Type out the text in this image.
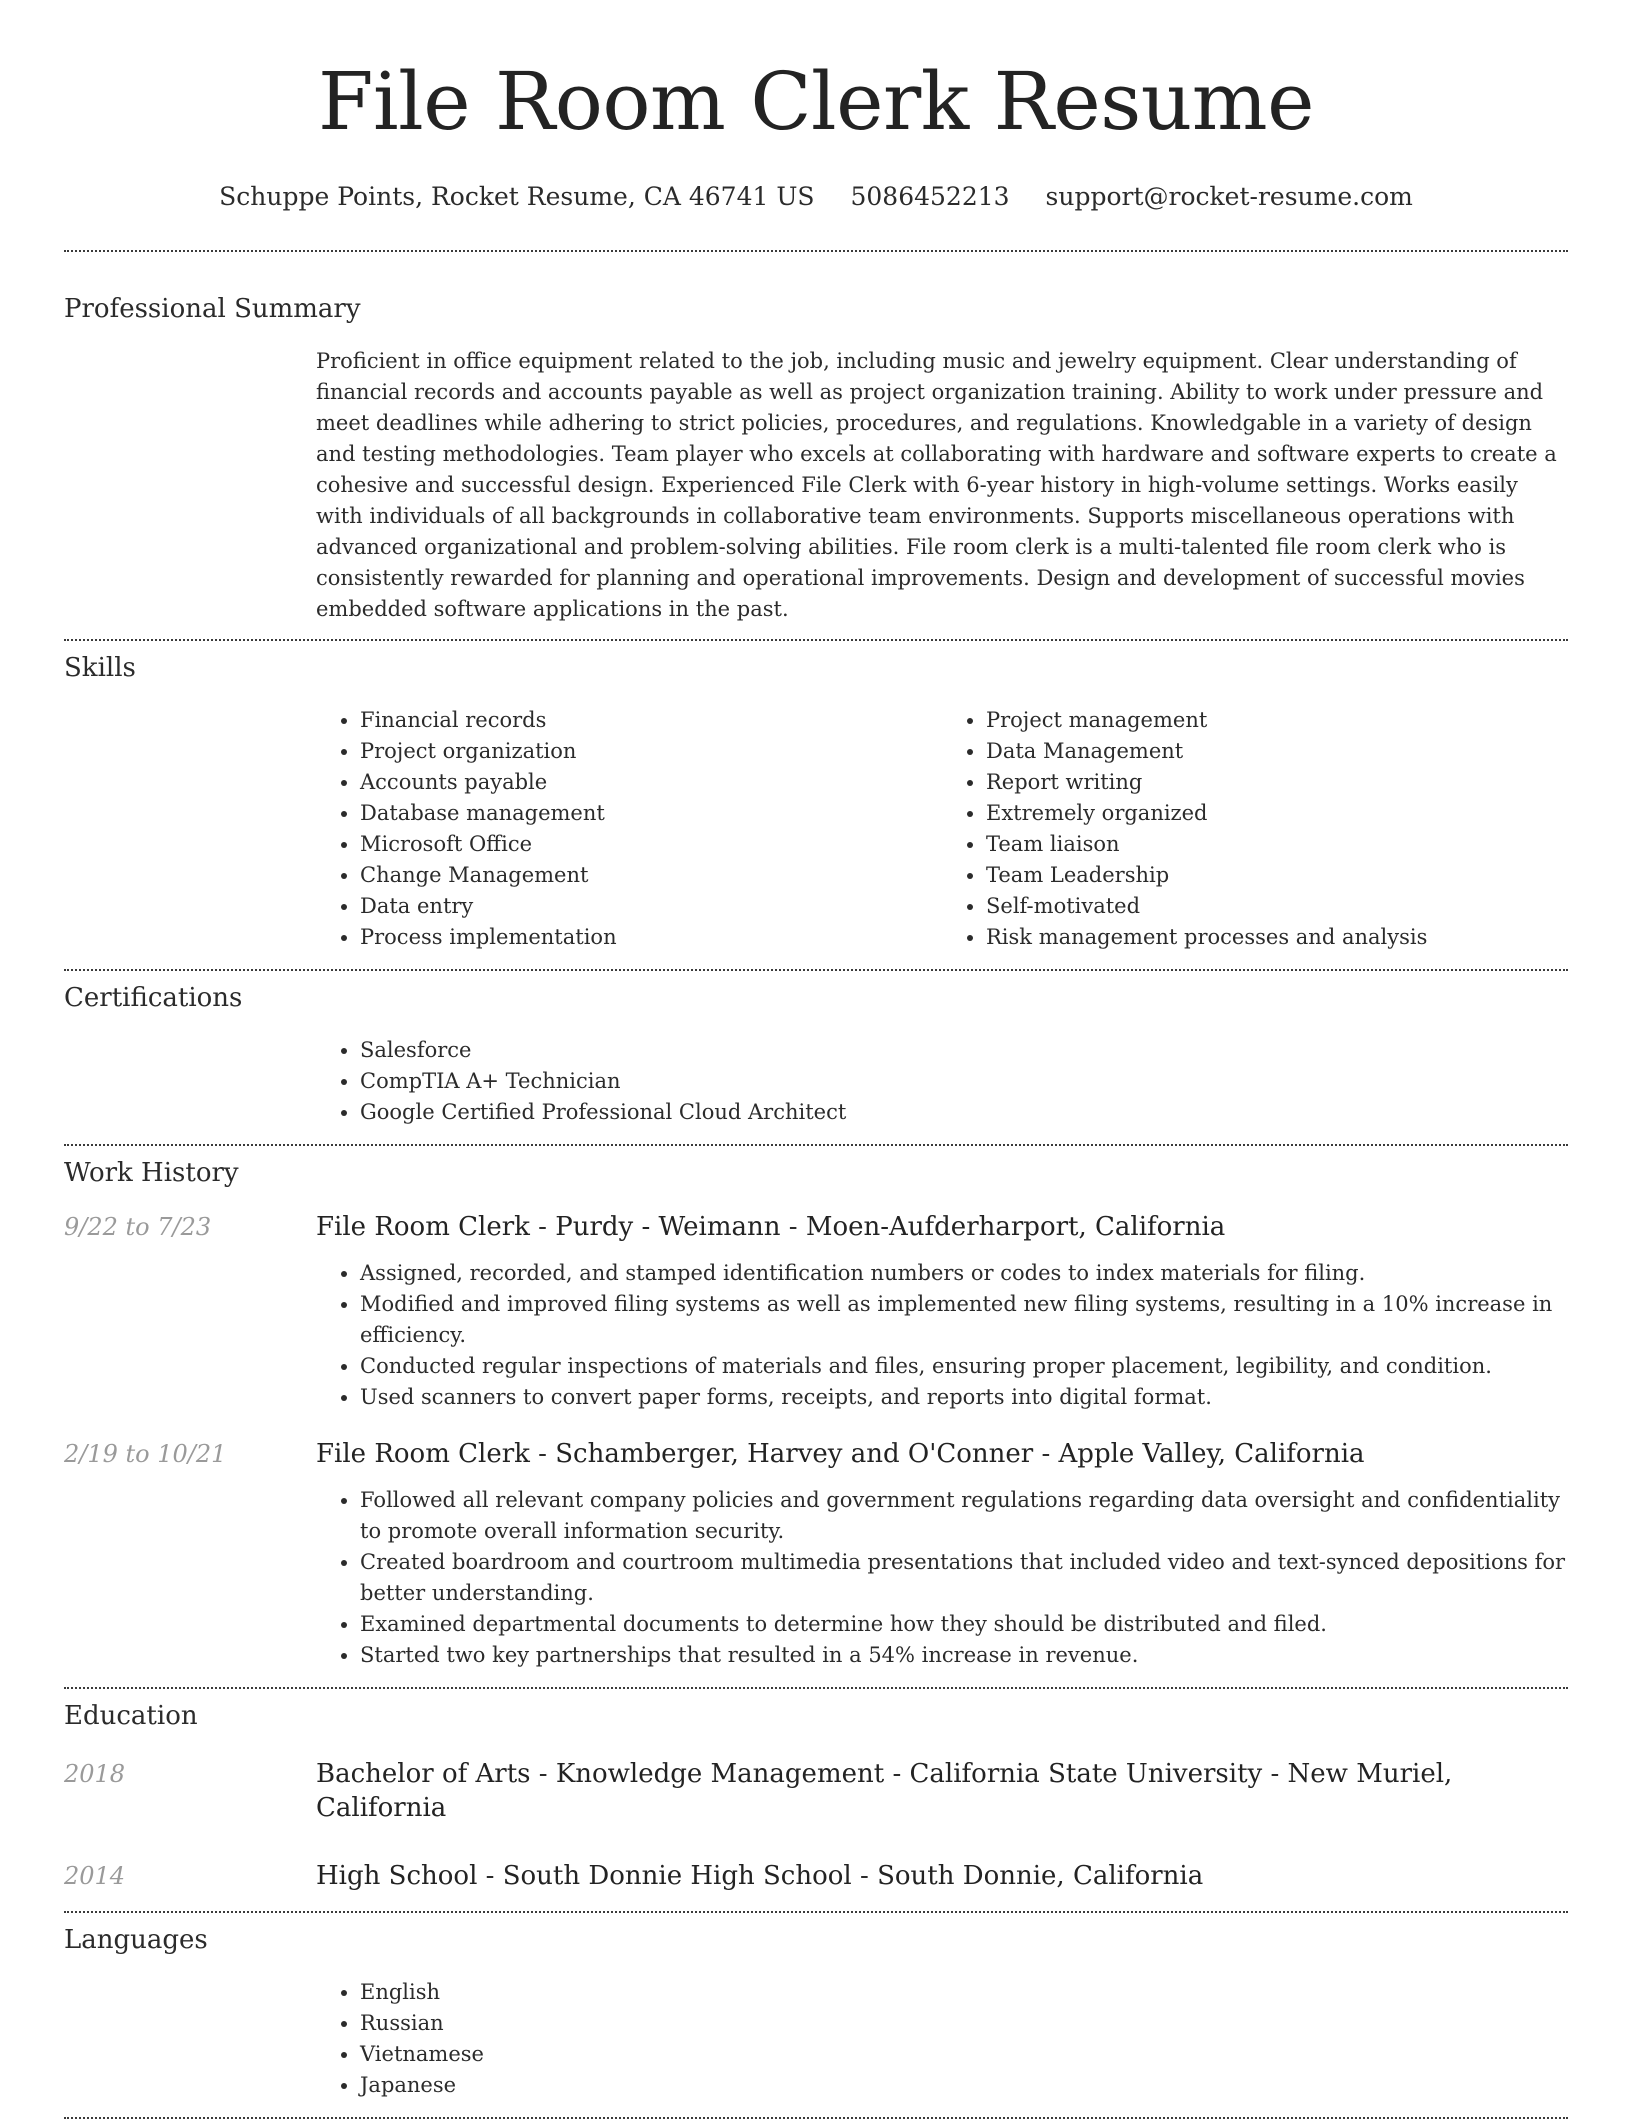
File Room Clerk Resume
Schuppe Points, Rocket Resume, CA 46741 US 5086452213 support@rocket-resume.com
Professional Summary
Proficient in office equipment related to the job, including music and jewelry equipment. Clear understanding of financial records and accounts payable as well as project organization training. Ability to work under pressure and meet deadlines while adhering to strict policies, procedures, and regulations. Knowledgable in a variety of design and testing methodologies. Team player who excels at collaborating with hardware and software experts to create a cohesive and successful design. Experienced File Clerk with 6-year history in high-volume settings. Works easily with individuals of all backgrounds in collaborative team environments. Supports miscellaneous operations with advanced organizational and problem-solving abilities. File room clerk is a multi-talented file room clerk who is consistently rewarded for planning and operational improvements. Design and development of successful movies embedded software applications in the past.
Skills
• Financial records
• Project organization
• Accounts payable
• Database management
• Microsoft Office
• Change Management
• Data entry
• Process implementation
• Project management
• Data Management
• Report writing
• Extremely organized
• Team liaison
• Team Leadership
• Self-motivated
• Risk management processes and analysis
Certifications
• Salesforce
• CompTIA A+ Technician
• Google Certified Professional Cloud Architect
Work History
9/22 to 7/23	File Room Clerk - Purdy - Weimann - Moen-Aufderharport, California
• Assigned, recorded, and stamped identification numbers or codes to index materials for filing.
• Modified and improved filing systems as well as implemented new filing systems, resulting in a 10% increase in efficiency.
• Conducted regular inspections of materials and files, ensuring proper placement, legibility, and condition.
• Used scanners to convert paper forms, receipts, and reports into digital format.
2/19 to 10/21	File Room Clerk - Schamberger, Harvey and O'Conner - Apple Valley, California
• Followed all relevant company policies and government regulations regarding data oversight and confidentiality to promote overall information security.
• Created boardroom and courtroom multimedia presentations that included video and text-synced depositions for better understanding.
• Examined departmental documents to determine how they should be distributed and filed.
• Started two key partnerships that resulted in a 54% increase in revenue.
Education
2018	Bachelor of Arts - Knowledge Management - California State University - New Muriel, California
2014	High School - South Donnie High School - South Donnie, California
Languages
• English
• Russian
• Vietnamese
• Japanese
